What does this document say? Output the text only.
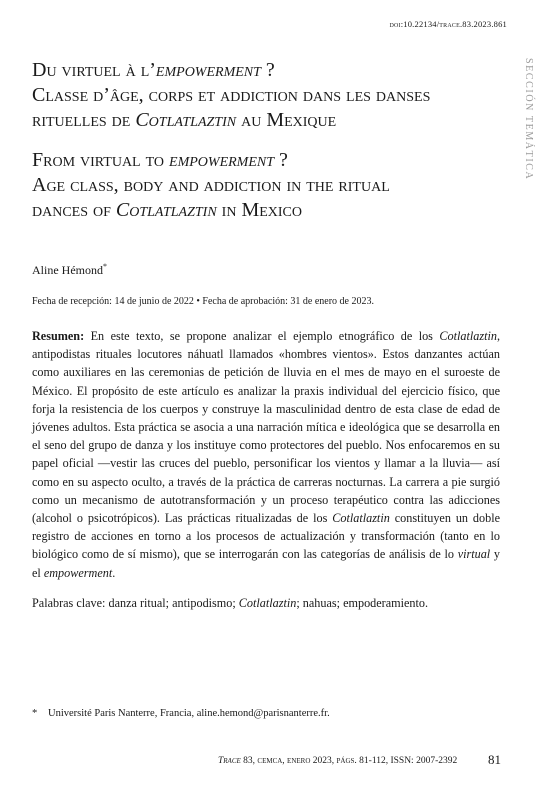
doi:10.22134/trace.83.2023.861
SECCIÓN TEMÁTICA

Du virtuel à l’empowerment ?

Classe d’âge, corps et addiction dans les danses

rituelles de Cotlatlaztin au Mexique

From virtual to empowerment ?

Age class, body and addiction in the ritual

dances of Cotlatlaztin in Mexico

Aline Hémond*
Fecha de recepción: 14 de junio de 2022 • Fecha de aprobación: 31 de enero de 2023.

Resumen: En este texto, se propone analizar el ejemplo etnográfico de los Cotlatlaztin, antipodistas rituales locutores náhuatl llamados «hombres vientos». Estos danzantes actúan como auxiliares en las ceremonias de petición de lluvia en el mes de mayo en el suroeste de México. El propósito de este artículo es analizar la praxis individual del ejercicio físico, que forja la resistencia de los cuerpos y construye la masculinidad dentro de esta clase de edad de jóvenes adultos. Esta práctica se asocia a una narración mítica e ideológica que se desarrolla en el seno del grupo de danza y los instituye como protectores del pueblo. Nos enfocaremos en su papel oficial —vestir las cruces del pueblo, personificar los vientos y llamar a la lluvia— así como en su aspecto oculto, a través de la práctica de carreras nocturnas. La carrera a pie surgió como un mecanismo de autotransformación y un proceso terapéutico contra las adicciones (alcohol o psicotrópicos). Las prácticas ritualizadas de los Cotlatlaztin constituyen un doble registro de acciones en torno a los procesos de actualización y transformación (tanto en lo biológico como de sí mismo), que se interrogarán con las categorías de análisis de lo virtual y el empowerment.

Palabras clave: danza ritual; antipodismo; Cotlatlaztin; nahuas; empoderamiento.

* Université Paris Nanterre, Francia, aline.hemond@parisnanterre.fr.
Trace 83, cemca, enero 2023, págs. 81-112, ISSN: 2007-2392 81
